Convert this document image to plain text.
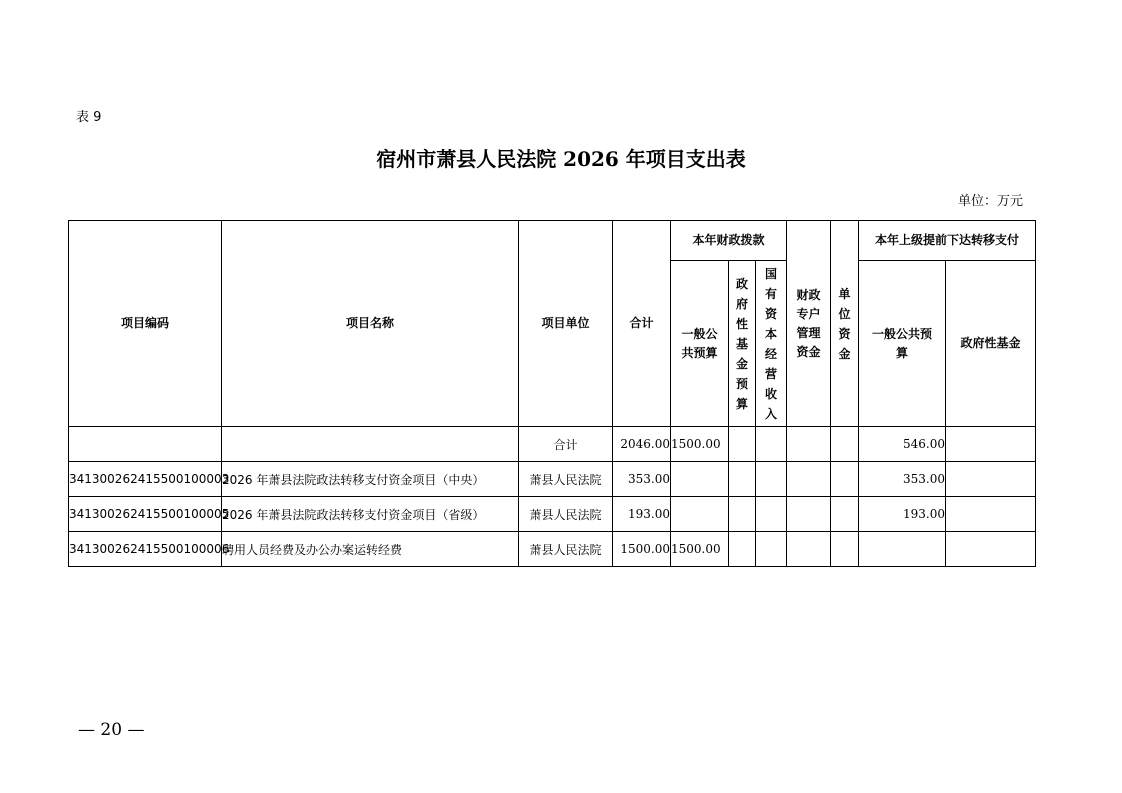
表 9
宿州市萧县人民法院 2026 年项目支出表
单位：万元
项目编码	项目名称	项目单位	合计	本年财政拨款			财政专户管理资金	单位资金	本年上级提前下达转移支付	

				一般公共预算	政府性基金预算	国有资本经营收入			一般公共预算	政府性基金
		合计	2046.00	1500.00					546.00	
341300262415500100003	2026 年萧县法院政法转移支付资金项目（中央）	萧县人民法院	353.00						353.00	
341300262415500100005	2026 年萧县法院政法转移支付资金项目（省级）	萧县人民法院	193.00						193.00	
341300262415500100006	聘用人员经费及办公办案运转经费	萧县人民法院	1500.00	1500.00						
— 20 —
